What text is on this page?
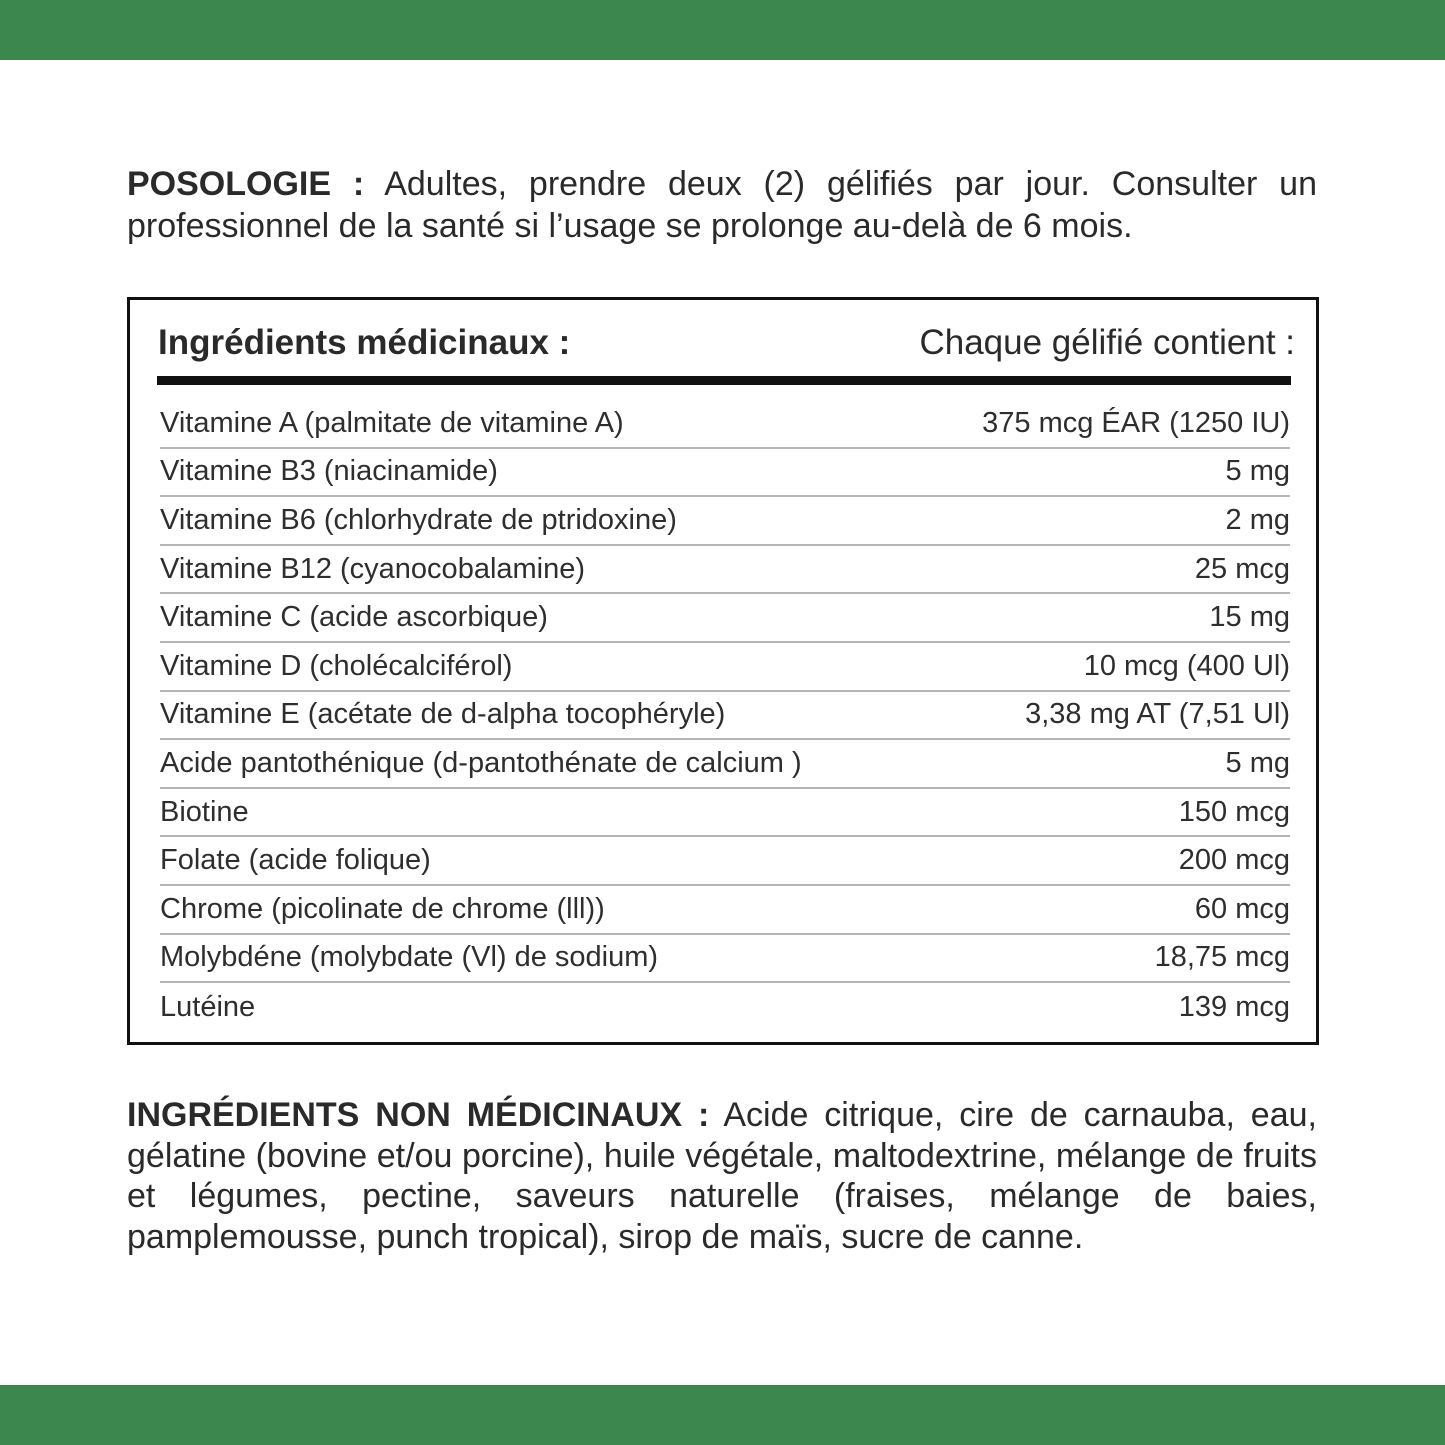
POSOLOGIE : Adultes, prendre deux (2) gélifiés par jour. Consulter un professionnel de la santé si l’usage se prolonge au-delà de 6 mois.

Ingrédients médicinaux :	Chaque gélifié contient :
Vitamine A (palmitate de vitamine A)	375 mcg ÉAR (1250 IU)
Vitamine B3 (niacinamide)	5 mg
Vitamine B6 (chlorhydrate de ptridoxine)	2 mg
Vitamine B12 (cyanocobalamine)	25 mcg
Vitamine C (acide ascorbique)	15 mg
Vitamine D (cholécalciférol)	10 mcg (400 Ul)
Vitamine E (acétate de d-alpha tocophéryle)	3,38 mg AT (7,51 Ul)
Acide pantothénique (d-pantothénate de calcium )	5 mg
Biotine	150 mcg
Folate (acide folique)	200 mcg
Chrome (picolinate de chrome (lll))	60 mcg
Molybdéne (molybdate (Vl) de sodium)	18,75 mcg
Lutéine	139 mcg

INGRÉDIENTS NON MÉDICINAUX : Acide citrique, cire de carnauba, eau, gélatine (bovine et/ou porcine), huile végétale, maltodextrine, mélange de fruits et légumes, pectine, saveurs naturelle (fraises, mélange de baies, pamplemousse, punch tropical), sirop de maïs, sucre de canne.
